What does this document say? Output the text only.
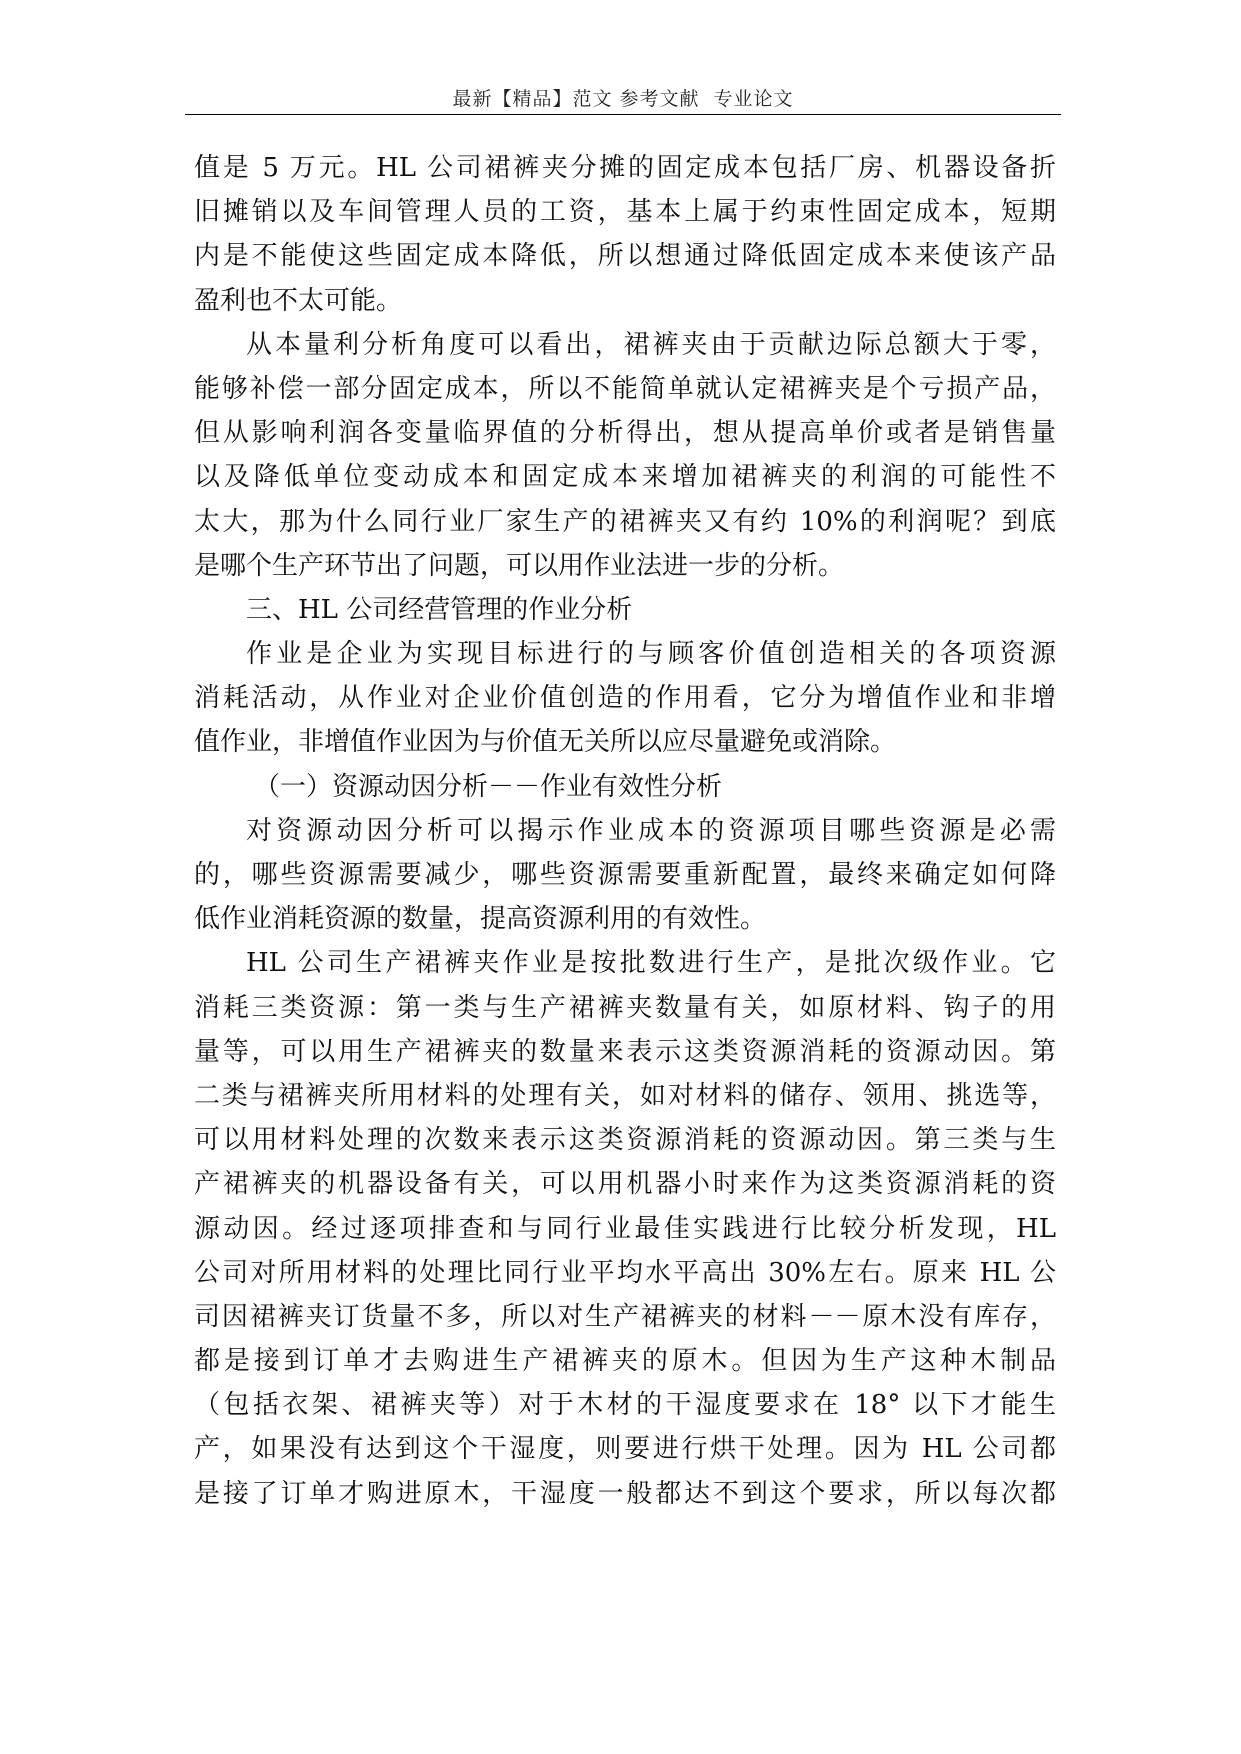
最新【精品】范文 参考文献  专业论文
值是 5 万元。HL 公司裙裤夹分摊的固定成本包括厂房、机器设备折
旧摊销以及车间管理人员的工资，基本上属于约束性固定成本，短期
内是不能使这些固定成本降低，所以想通过降低固定成本来使该产品
盈利也不太可能。
从本量利分析角度可以看出，裙裤夹由于贡献边际总额大于零，
能够补偿一部分固定成本，所以不能简单就认定裙裤夹是个亏损产品，
但从影响利润各变量临界值的分析得出，想从提高单价或者是销售量
以及降低单位变动成本和固定成本来增加裙裤夹的利润的可能性不
太大，那为什么同行业厂家生产的裙裤夹又有约 10%的利润呢？到底
是哪个生产环节出了问题，可以用作业法进一步的分析。
三、HL 公司经营管理的作业分析
作业是企业为实现目标进行的与顾客价值创造相关的各项资源
消耗活动，从作业对企业价值创造的作用看，它分为增值作业和非增
值作业，非增值作业因为与价值无关所以应尽量避免或消除。
（一）资源动因分析－－作业有效性分析
对资源动因分析可以揭示作业成本的资源项目哪些资源是必需
的，哪些资源需要减少，哪些资源需要重新配置，最终来确定如何降
低作业消耗资源的数量，提高资源利用的有效性。
HL 公司生产裙裤夹作业是按批数进行生产，是批次级作业。它
消耗三类资源：第一类与生产裙裤夹数量有关，如原材料、钩子的用
量等，可以用生产裙裤夹的数量来表示这类资源消耗的资源动因。第
二类与裙裤夹所用材料的处理有关，如对材料的储存、领用、挑选等，
可以用材料处理的次数来表示这类资源消耗的资源动因。第三类与生
产裙裤夹的机器设备有关，可以用机器小时来作为这类资源消耗的资
源动因。经过逐项排查和与同行业最佳实践进行比较分析发现，HL
公司对所用材料的处理比同行业平均水平高出 30%左右。原来 HL 公
司因裙裤夹订货量不多，所以对生产裙裤夹的材料－－原木没有库存，
都是接到订单才去购进生产裙裤夹的原木。但因为生产这种木制品
（包括衣架、裙裤夹等）对于木材的干湿度要求在 18° 以下才能生
产，如果没有达到这个干湿度，则要进行烘干处理。因为 HL 公司都
是接了订单才购进原木，干湿度一般都达不到这个要求，所以每次都
